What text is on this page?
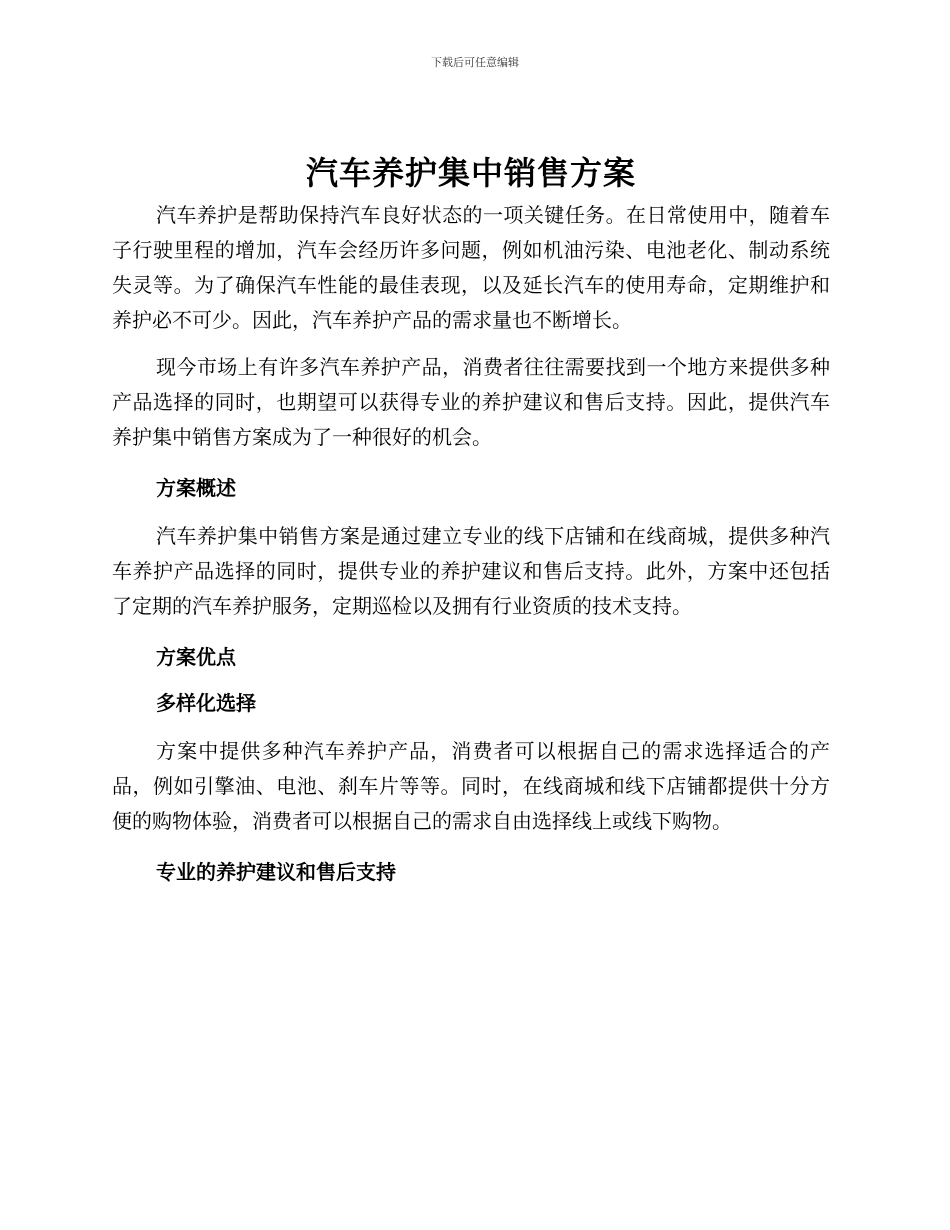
下载后可任意编辑
汽车养护集中销售方案

汽车养护是帮助保持汽车良好状态的一项关键任务。在日常使用中，随着车子行驶里程的增加，汽车会经历许多问题，例如机油污染、电池老化、制动系统失灵等。为了确保汽车性能的最佳表现，以及延长汽车的使用寿命，定期维护和养护必不可少。因此，汽车养护产品的需求量也不断增长。

现今市场上有许多汽车养护产品，消费者往往需要找到一个地方来提供多种产品选择的同时，也期望可以获得专业的养护建议和售后支持。因此，提供汽车养护集中销售方案成为了一种很好的机会。

方案概述

汽车养护集中销售方案是通过建立专业的线下店铺和在线商城，提供多种汽车养护产品选择的同时，提供专业的养护建议和售后支持。此外，方案中还包括了定期的汽车养护服务，定期巡检以及拥有行业资质的技术支持。

方案优点
多样化选择

方案中提供多种汽车养护产品，消费者可以根据自己的需求选择适合的产品，例如引擎油、电池、刹车片等等。同时，在线商城和线下店铺都提供十分方便的购物体验，消费者可以根据自己的需求自由选择线上或线下购物。

专业的养护建议和售后支持
